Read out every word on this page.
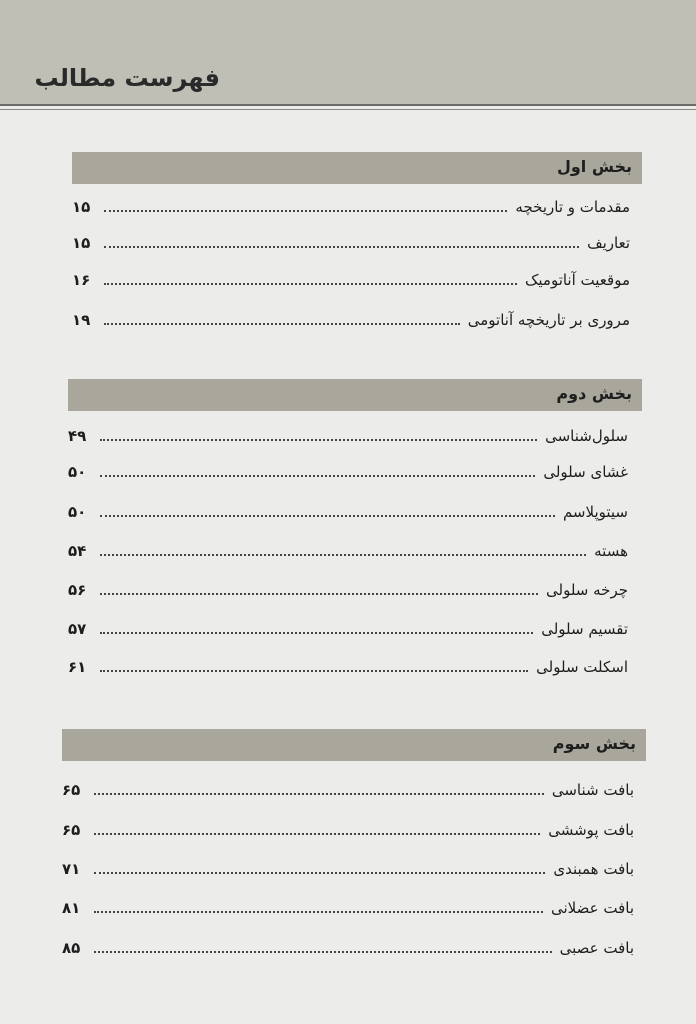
فهرست مطالب
بخش اول
مقدمات و تاریخچه
۱۵
تعاریف
۱۵
موقعیت آناتومیک
۱۶
مروری بر تاریخچه آناتومی
۱۹
بخش دوم
سلول‌شناسی
۴۹
غشای سلولی
۵۰
سیتوپلاسم
۵۰
هسته
۵۴
چرخه سلولی
۵۶
تقسیم سلولی
۵۷
اسکلت سلولی
۶۱
بخش سوم
بافت شناسی
۶۵
بافت پوششی
۶۵
بافت همبندی
۷۱
بافت عضلانی
۸۱
بافت عصبی
۸۵
